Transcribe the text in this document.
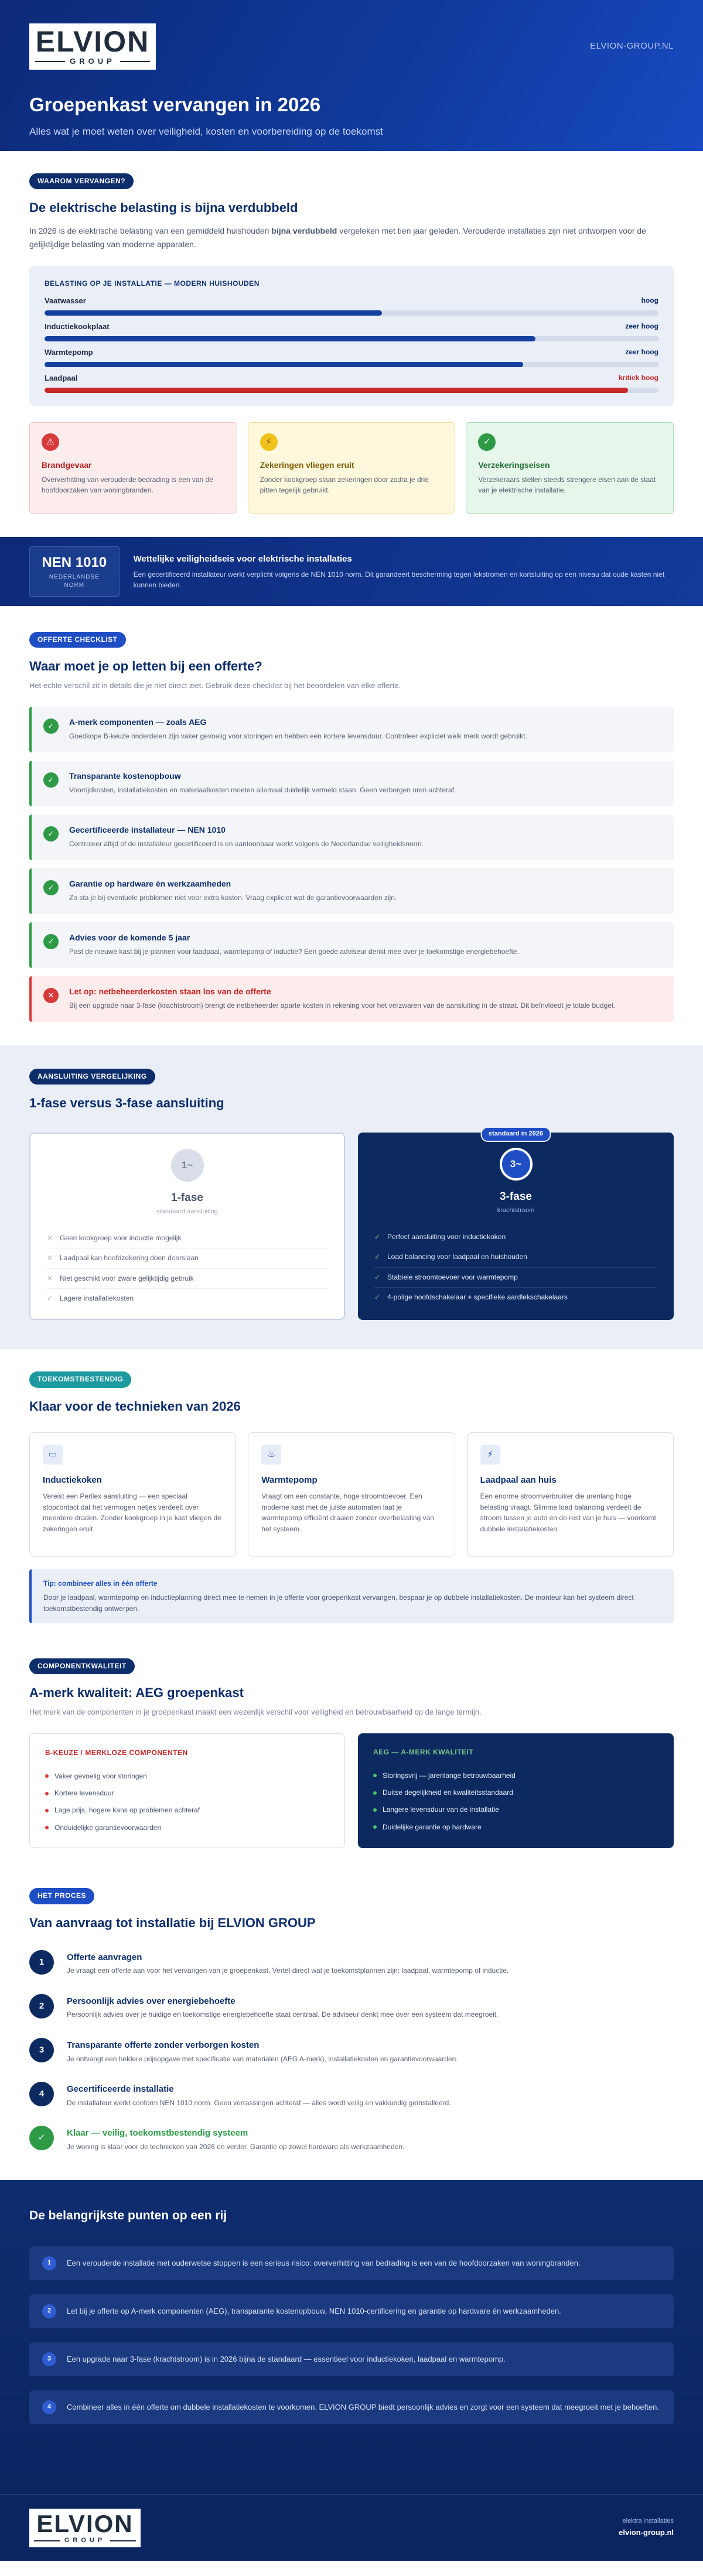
ELVION
GROUP
ELVION-GROUP.NL
Groepenkast vervangen in 2026

Alles wat je moet weten over veiligheid, kosten en voorbereiding op de toekomst

WAAROM VERVANGEN?
De elektrische belasting is bijna verdubbeld

In 2026 is de elektrische belasting van een gemiddeld huishouden bijna verdubbeld vergeleken met tien jaar geleden. Verouderde installaties zijn niet ontworpen voor de gelijktijdige belasting van moderne apparaten.

BELASTING OP JE INSTALLATIE — MODERN HUISHOUDEN
Vaatwasser	hoog
Inductiekookplaat	zeer hoog
Warmtepomp	zeer hoog
Laadpaal	kritiek hoog
⚠
Brandgevaar
Oververhitting van verouderde bedrading is een van de hoofdoorzaken van woningbranden.
⚡
Zekeringen vliegen eruit
Zonder kookgroep slaan zekeringen door zodra je drie pitten tegelijk gebruikt.
✓
Verzekeringseisen
Verzekeraars stellen steeds strengere eisen aan de staat van je elektrische installatie.
NEN 1010
NEDERLANDSE NORM
Wettelijke veiligheidseis voor elektrische installaties
Een gecertificeerd installateur werkt verplicht volgens de NEN 1010 norm. Dit garandeert bescherming tegen lekstromen en kortsluiting op een niveau dat oude kasten niet kunnen bieden.
OFFERTE CHECKLIST
Waar moet je op letten bij een offerte?
Het echte verschil zit in details die je niet direct ziet. Gebruik deze checklist bij het beoordelen van elke offerte.
✓	A-merk componenten — zoals AEG
Goedkope B-keuze onderdelen zijn vaker gevoelig voor storingen en hebben een kortere levensduur. Controleer expliciet welk merk wordt gebruikt.
✓	Transparante kostenopbouw
Voorrijdkosten, installatiekosten en materiaalkosten moeten allemaal duidelijk vermeld staan. Geen verborgen uren achteraf.
✓	Gecertificeerde installateur — NEN 1010
Controleer altijd of de installateur gecertificeerd is en aantoonbaar werkt volgens de Nederlandse veiligheidsnorm.
✓	Garantie op hardware én werkzaamheden
Zo sta je bij eventuele problemen niet voor extra kosten. Vraag expliciet wat de garantievoorwaarden zijn.
✓	Advies voor de komende 5 jaar
Past de nieuwe kast bij je plannen voor laadpaal, warmtepomp of inductie? Een goede adviseur denkt mee over je toekomstige energiebehoefte.
✕	Let op: netbeheerderkosten staan los van de offerte
Bij een upgrade naar 3-fase (krachtstroom) brengt de netbeheerder aparte kosten in rekening voor het verzwaren van de aansluiting in de straat. Dit beïnvloedt je totale budget.
AANSLUITING VERGELIJKING
1-fase versus 3-fase aansluiting
1~
1-fase
standaard aansluiting
✕ Geen kookgroep voor inductie mogelijk
✕ Laadpaal kan hoofdzekering doen doorslaan
✕ Niet geschikt voor zware gelijktijdig gebruik
✓ Lagere installatiekosten
standaard in 2026
3~
3-fase
krachtstroom
✓ Perfect aansluiting voor inductiekoken
✓ Load balancing voor laadpaal en huishouden
✓ Stabiele stroomtoevoer voor warmtepomp
✓ 4-polige hoofdschakelaar + specifieke aardlekschakelaars
TOEKOMSTBESTENDIG
Klaar voor de technieken van 2026
▭
Inductiekoken
Vereist een Perilex aansluiting — een speciaal stopcontact dat het vermogen netjes verdeelt over meerdere draden. Zonder kookgroep in je kast vliegen de zekeringen eruit.
♨
Warmtepomp
Vraagt om een constante, hoge stroomtoevoer. Een moderne kast met de juiste automaten laat je warmtepomp efficiënt draaien zonder overbelasting van het systeem.
⚡
Laadpaal aan huis
Een enorme stroomverbruiker die urenlang hoge belasting vraagt. Slimme load balancing verdeelt de stroom tussen je auto en de rest van je huis — voorkomt dubbele installatiekosten.
Tip: combineer alles in één offerte
Door je laadpaal, warmtepomp en inductieplanning direct mee te nemen in je offerte voor groepenkast vervangen, bespaar je op dubbele installatiekosten. De monteur kan het systeem direct toekomstbestendig ontwerpen.
COMPONENTKWALITEIT
A-merk kwaliteit: AEG groepenkast
Het merk van de componenten in je groepenkast maakt een wezenlijk verschil voor veiligheid en betrouwbaarheid op de lange termijn.
B-KEUZE / MERKLOZE COMPONENTEN
Vaker gevoelig voor storingen
Kortere levensduur
Lage prijs, hogere kans op problemen achteraf
Onduidelijke garantievoorwaarden
AEG — A-MERK KWALITEIT
Storingsvrij — jarenlange betrouwbaarheid
Duitse degelijkheid en kwaliteitsstandaard
Langere levensduur van de installatie
Duidelijke garantie op hardware
HET PROCES
Van aanvraag tot installatie bij ELVION GROUP
1	Offerte aanvragen
Je vraagt een offerte aan voor het vervangen van je groepenkast. Vertel direct wat je toekomstplannen zijn: laadpaal, warmtepomp of inductie.
2	Persoonlijk advies over energiebehoefte
Persoonlijk advies over je huidige en toekomstige energiebehoefte staat centraal. De adviseur denkt mee over een systeem dat meegroeit.
3	Transparante offerte zonder verborgen kosten
Je ontvangt een heldere prijsopgave met specificatie van materialen (AEG A-merk), installatiekosten en garantievoorwaarden.
4	Gecertificeerde installatie
De installateur werkt conform NEN 1010 norm. Geen verrassingen achteraf — alles wordt veilig en vakkundig geïnstalleerd.
✓	Klaar — veilig, toekomstbestendig systeem
Je woning is klaar voor de technieken van 2026 en verder. Garantie op zowel hardware als werkzaamheden.
De belangrijkste punten op een rij
1	Een verouderde installatie met ouderwetse stoppen is een serieus risico: oververhitting van bedrading is een van de hoofdoorzaken van woningbranden.
2	Let bij je offerte op A-merk componenten (AEG), transparante kostenopbouw, NEN 1010-certificering en garantie op hardware én werkzaamheden.
3	Een upgrade naar 3-fase (krachtstroom) is in 2026 bijna de standaard — essentieel voor inductiekoken, laadpaal en warmtepomp.
4	Combineer alles in één offerte om dubbele installatiekosten te voorkomen. ELVION GROUP biedt persoonlijk advies en zorgt voor een systeem dat meegroeit met je behoeften.
ELVION
GROUP
elektra installaties
elvion-group.nl
